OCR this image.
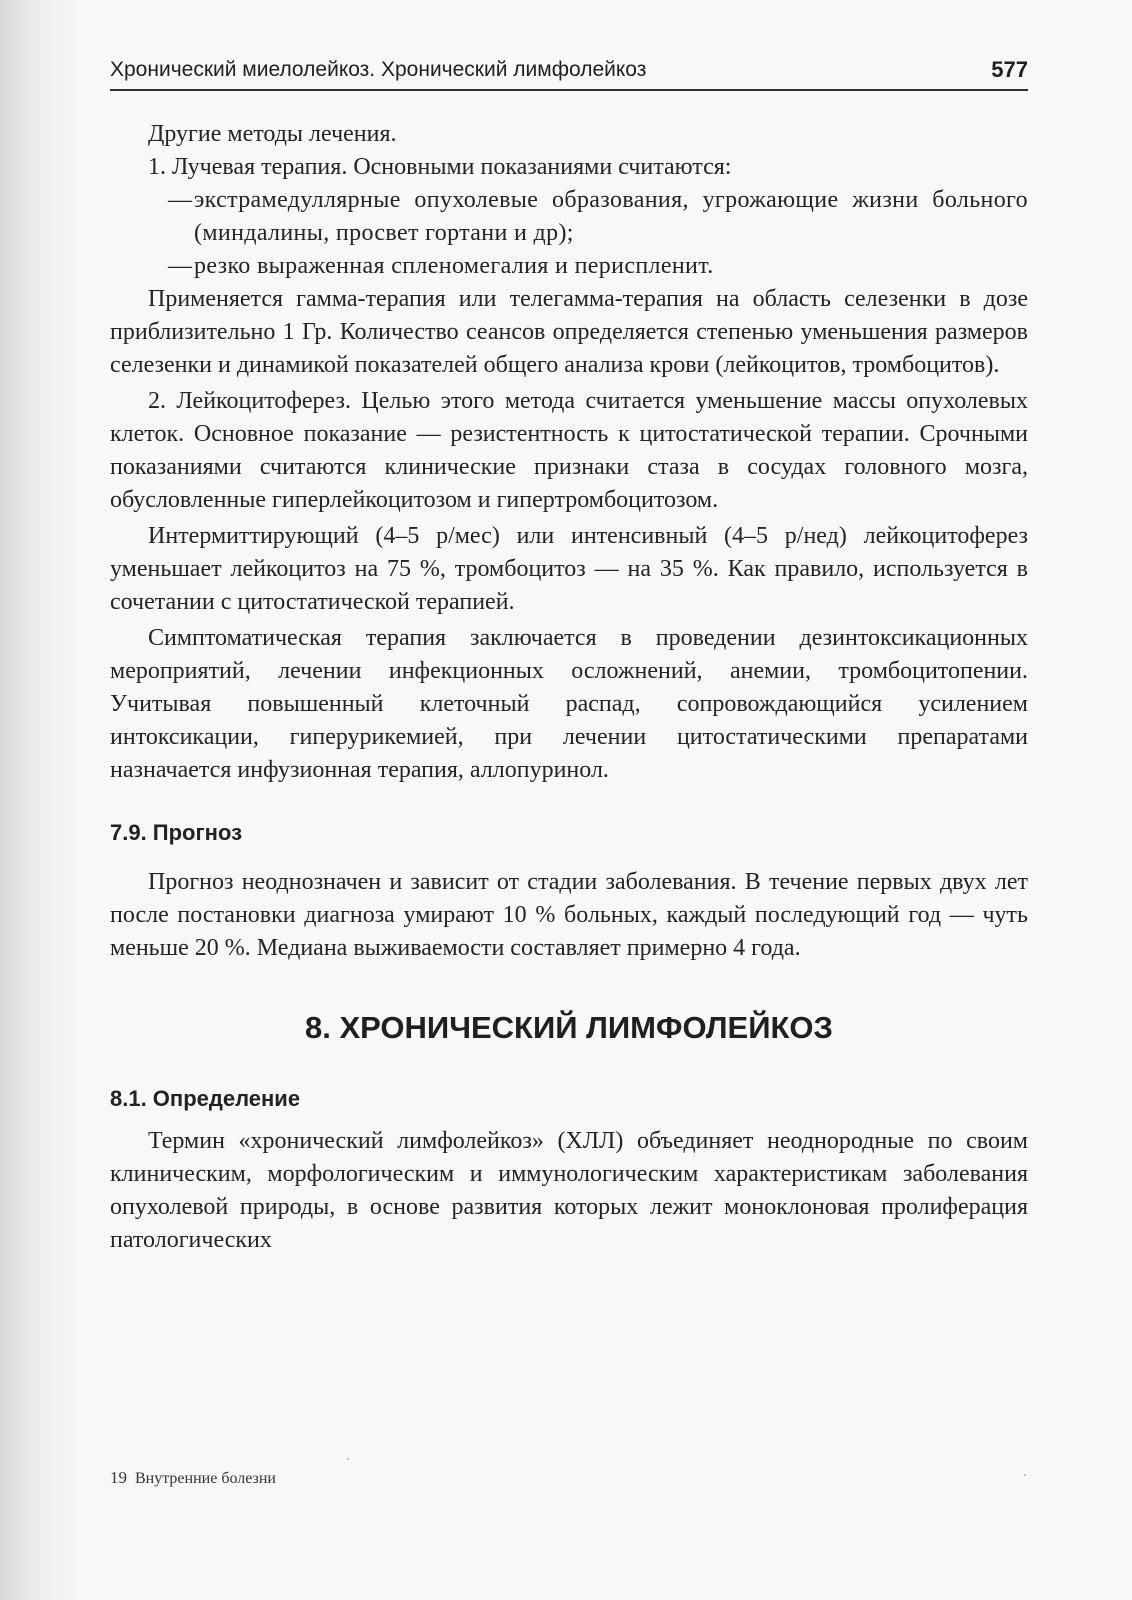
Хронический миелолейкоз. Хронический лимфолейкоз	577

Другие методы лечения.

1. Лучевая терапия. Основными показаниями считаются:

—экстрамедуллярные опухолевые образования, угрожающие жизни больного (миндалины, просвет гортани и др);
—резко выраженная спленомегалия и периспленит.

Применяется гамма-терапия или телегамма-терапия на область селезенки в дозе приблизительно 1 Гр. Количество сеансов определяется степенью уменьшения размеров селезенки и динамикой показателей общего анализа крови (лейкоцитов, тромбоцитов).

2. Лейкоцитоферез. Целью этого метода считается уменьшение массы опухолевых клеток. Основное показание — резистентность к цитостатической терапии. Срочными показаниями считаются клинические признаки стаза в сосудах головного мозга, обусловленные гиперлейкоцитозом и гипертромбоцитозом.

Интермиттирующий (4–5 р/мес) или интенсивный (4–5 р/нед) лейкоцитоферез уменьшает лейкоцитоз на 75 %, тромбоцитоз — на 35 %. Как правило, используется в сочетании с цитостатической терапией.

Симптоматическая терапия заключается в проведении дезинтоксикационных мероприятий, лечении инфекционных осложнений, анемии, тромбоцитопении. Учитывая повышенный клеточный распад, сопровождающийся усилением интоксикации, гиперурикемией, при лечении цитостатическими препаратами назначается инфузионная терапия, аллопуринол.

7.9. Прогноз

Прогноз неоднозначен и зависит от стадии заболевания. В течение первых двух лет после постановки диагноза умирают 10 % больных, каждый последующий год — чуть меньше 20 %. Медиана выживаемости составляет примерно 4 года.

8. ХРОНИЧЕСКИЙ ЛИМФОЛЕЙКОЗ
8.1. Определение

Термин «хронический лимфолейкоз» (ХЛЛ) объединяет неоднородные по своим клиническим, морфологическим и иммунологическим характеристикам заболевания опухолевой природы, в основе развития которых лежит моноклоновая пролиферация патологических

19 Внутренние болезни
